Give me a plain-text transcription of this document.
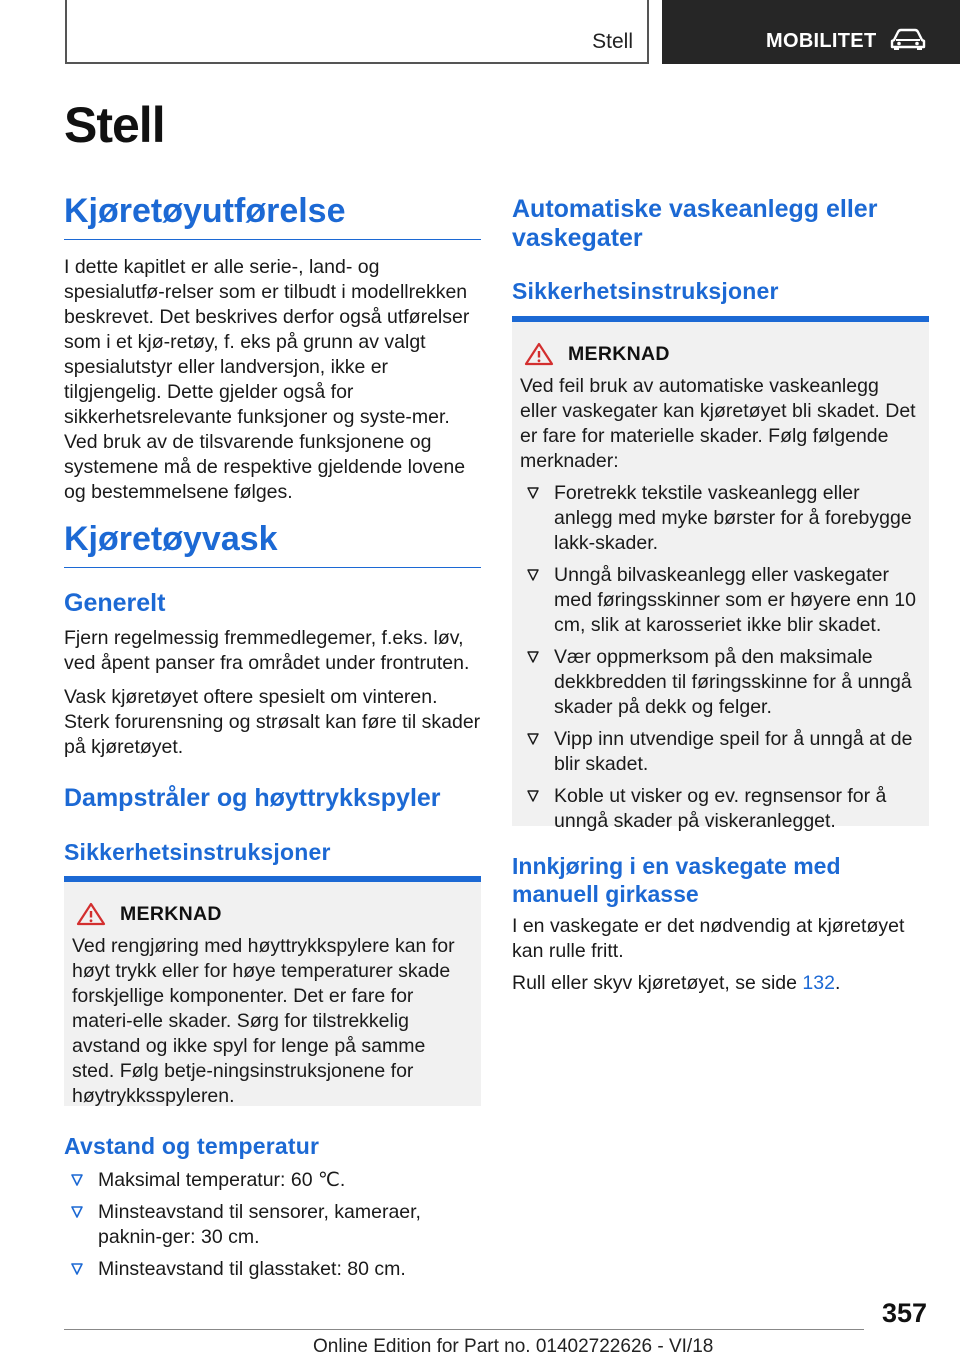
Stell	MOBILITET
Stell
Kjøretøyutførelse

I dette kapitlet er alle serie-, land- og spesialutfø-relser som er tilbudt i modellrekken beskrevet. Det beskrives derfor også utførelser som i et kjø-retøy, f. eks på grunn av valgt spesialutstyr eller landversjon, ikke er tilgjengelig. Dette gjelder også for sikkerhetsrelevante funksjoner og syste-mer. Ved bruk av de tilsvarende funksjonene og systemene må de respektive gjeldende lovene og bestemmelsene følges.

Kjøretøyvask
Generelt

Fjern regelmessig fremmedlegemer, f.eks. løv, ved åpent panser fra området under frontruten.

Vask kjøretøyet oftere spesielt om vinteren. Sterk forurensning og strøsalt kan føre til skader på kjøretøyet.

Dampstråler og høyttrykkspyler
Sikkerhetsinstruksjoner
MERKNAD

Ved rengjøring med høyttrykkspylere kan for høyt trykk eller for høye temperaturer skade forskjellige komponenter. Det er fare for materi-elle skader. Sørg for tilstrekkelig avstand og ikke spyl for lenge på samme sted. Følg betje-ningsinstruksjonene for høytrykksspyleren.

Avstand og temperatur
Maksimal temperatur: 60 ℃.
Minsteavstand til sensorer, kameraer, paknin-ger: 30 cm.
Minsteavstand til glasstaket: 80 cm.
Automatiske vaskeanlegg eller vaskegater
Sikkerhetsinstruksjoner
MERKNAD

Ved feil bruk av automatiske vaskeanlegg eller vaskegater kan kjøretøyet bli skadet. Det er fare for materielle skader. Følg følgende merknader:

Foretrekk tekstile vaskeanlegg eller anlegg med myke børster for å forebygge lakk-skader.
Unngå bilvaskeanlegg eller vaskegater med føringsskinner som er høyere enn 10 cm, slik at karosseriet ikke blir skadet.
Vær oppmerksom på den maksimale dekkbredden til føringsskinne for å unngå skader på dekk og felger.
Vipp inn utvendige speil for å unngå at de blir skadet.
Koble ut visker og ev. regnsensor for å unngå skader på viskeranlegget.
Innkjøring i en vaskegate med manuell girkasse

I en vaskegate er det nødvendig at kjøretøyet kan rulle fritt.

Rull eller skyv kjøretøyet, se side 132.

357
Online Edition for Part no. 01402722626 - VI/18
